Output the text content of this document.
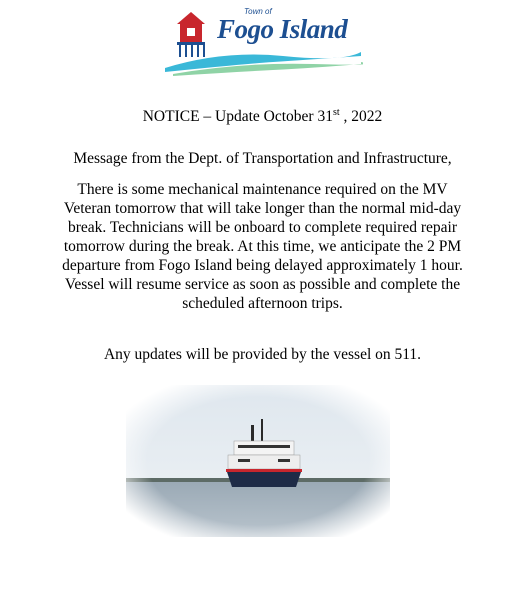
Town of
Fogo Island
NOTICE – Update October 31st , 2022
Message from the Dept. of Transportation and Infrastructure,
There is some mechanical maintenance required on the MV
Veteran tomorrow that will take longer than the normal mid-day
break. Technicians will be onboard to complete required repair
tomorrow during the break. At this time, we anticipate the 2 PM
departure from Fogo Island being delayed approximately 1 hour.
Vessel will resume service as soon as possible and complete the
scheduled afternoon trips.
Any updates will be provided by the vessel on 511.
